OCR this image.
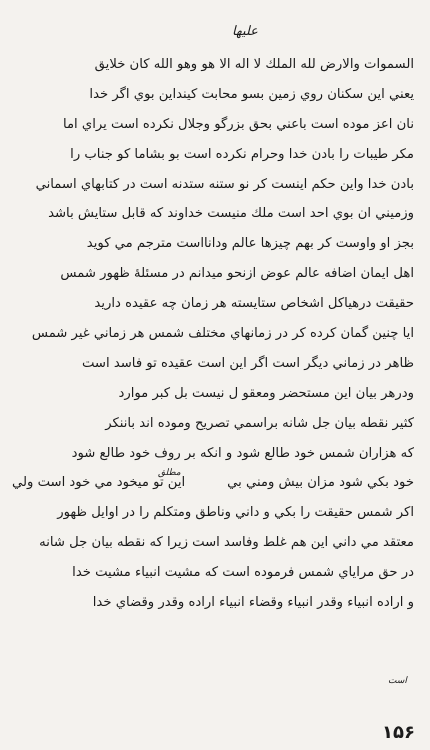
علیها
السموات والارض لله الملك لا اله الا هو وهو الله كان خلايق
يعني اين سكنان روي زمين بسو محابت كينداين بوي اگر خدا
نان اعز موده است باعني بحق بزرگو وجلال نكرده است يراي اما
مكر طيبات را بادن خدا وحرام نكرده است بو بشاما كو جناب را
بادن خدا واين حكم اينست كر نو ستنه ستدنه است در كتابهاي اسماني
وزميني ان بوي احد است ملك منيست خداوند كه قابل ستايش باشد
بجز او واوست كر بهم چيزها عالم ودانااست مترجم مي كويد
اهل ايمان اضافه عالم عوض ازنحو ميدانم در مسئلهٔ ظهور شمس
حقيقت درهياكل اشخاص ستايسته هر زمان چه عقيده داريد
ايا چنين گمان كرده كر در زمانهاي مختلف شمس هر زماني غير شمس
ظاهر در زماني ديگر است اگر اين است عقيده تو فاسد است
ودرهر بيان اين مستحضر ومعقو ل نيست بل كبر موارد
كثير نقطه بيان جل شانه براسمي تصريح وموده اند باننكر
كه هزاران شمس خود طالع شود و انكه بر روف خود طالع شود
خود بكي شود مزان بيش ومني بي
اين تو ميخود مي خود است ولي
اكر شمس حقيقت را بكي و داني وناطق ومتكلم را در اوايل ظهور
معتقد مي داني اين هم غلط وفاسد است زيرا كه نقطه بيان جل شانه
در حق مراياي شمس فرموده است كه مشيت انبياء مشيت خدا
و اراده انبياء وقدر انبياء وقضاء انبياء اراده وقدر وقضاي خدا
مطلق
است
۱۵۶
